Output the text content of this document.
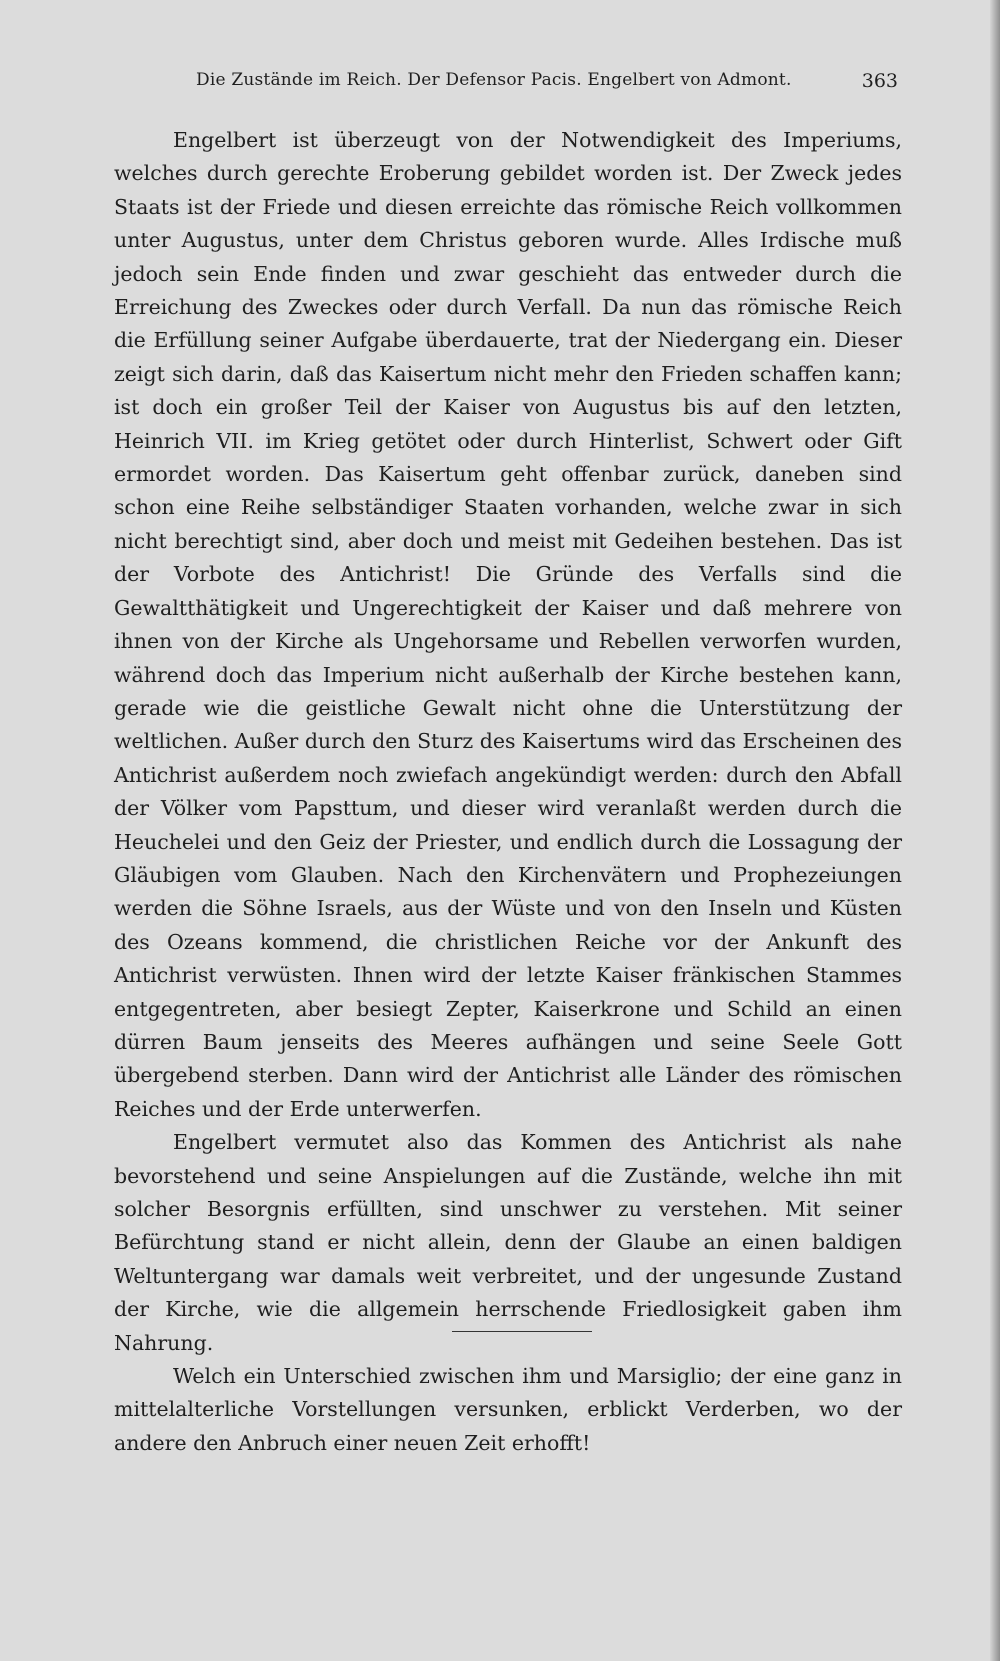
Die Zustände im Reich. Der Defensor Pacis. Engelbert von Admont.	363

Engelbert ist überzeugt von der Notwendigkeit des Imperiums, welches durch gerechte Eroberung gebildet worden ist. Der Zweck jedes Staats ist der Friede und diesen erreichte das römische Reich vollkommen unter Augustus, unter dem Christus geboren wurde. Alles Irdische muß jedoch sein Ende finden und zwar geschieht das entweder durch die Erreichung des Zweckes oder durch Verfall. Da nun das römische Reich die Erfüllung seiner Aufgabe überdauerte, trat der Niedergang ein. Dieser zeigt sich darin, daß das Kaisertum nicht mehr den Frieden schaffen kann; ist doch ein großer Teil der Kaiser von Augustus bis auf den letzten, Heinrich VII. im Krieg getötet oder durch Hinterlist, Schwert oder Gift ermordet worden. Das Kaisertum geht offenbar zurück, daneben sind schon eine Reihe selbständiger Staaten vorhanden, welche zwar in sich nicht berechtigt sind, aber doch und meist mit Gedeihen bestehen. Das ist der Vorbote des Antichrist! Die Gründe des Verfalls sind die Gewaltthätigkeit und Ungerechtigkeit der Kaiser und daß mehrere von ihnen von der Kirche als Ungehorsame und Rebellen verworfen wurden, während doch das Imperium nicht außerhalb der Kirche bestehen kann, gerade wie die geistliche Gewalt nicht ohne die Unterstützung der weltlichen. Außer durch den Sturz des Kaisertums wird das Erscheinen des Antichrist außerdem noch zwiefach angekündigt werden: durch den Abfall der Völker vom Papsttum, und dieser wird veranlaßt werden durch die Heuchelei und den Geiz der Priester, und endlich durch die Lossagung der Gläubigen vom Glauben. Nach den Kirchenvätern und Prophezeiungen werden die Söhne Israels, aus der Wüste und von den Inseln und Küsten des Ozeans kommend, die christlichen Reiche vor der Ankunft des Antichrist verwüsten. Ihnen wird der letzte Kaiser fränkischen Stammes entgegentreten, aber besiegt Zepter, Kaiserkrone und Schild an einen dürren Baum jenseits des Meeres aufhängen und seine Seele Gott übergebend sterben. Dann wird der Antichrist alle Länder des römischen Reiches und der Erde unterwerfen.

Engelbert vermutet also das Kommen des Antichrist als nahe bevorstehend und seine Anspielungen auf die Zustände, welche ihn mit solcher Besorgnis erfüllten, sind unschwer zu verstehen. Mit seiner Befürchtung stand er nicht allein, denn der Glaube an einen baldigen Weltuntergang war damals weit verbreitet, und der ungesunde Zustand der Kirche, wie die allgemein herrschende Friedlosigkeit gaben ihm Nahrung.

Welch ein Unterschied zwischen ihm und Marsiglio; der eine ganz in mittelalterliche Vorstellungen versunken, erblickt Verderben, wo der andere den Anbruch einer neuen Zeit erhofft!
